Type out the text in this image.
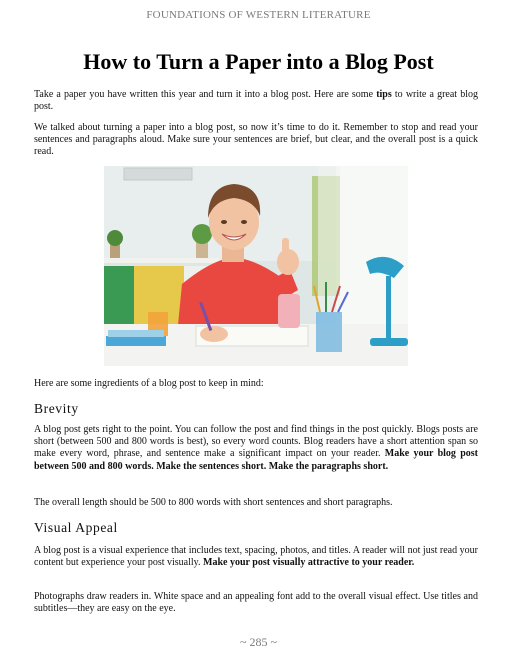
FOUNDATIONS OF WESTERN LITERATURE
How to Turn a Paper into a Blog Post

Take a paper you have written this year and turn it into a blog post. Here are some tips to write a great blog post.

We talked about turning a paper into a blog post, so now it’s time to do it. Remember to stop and read your sentences and paragraphs aloud. Make sure your sentences are brief, but clear, and the overall post is a quick read.

Here are some ingredients of a blog post to keep in mind:

Brevity

A blog post gets right to the point. You can follow the post and find things in the post quickly. Blogs posts are short (between 500 and 800 words is best), so every word counts. Blog readers have a short attention span so make every word, phrase, and sentence make a significant impact on your reader. Make your blog post between 500 and 800 words. Make the sentences short. Make the paragraphs short.

The overall length should be 500 to 800 words with short sentences and short paragraphs.

Visual Appeal

A blog post is a visual experience that includes text, spacing, photos, and titles. A reader will not just read your content but experience your post visually. Make your post visually attractive to your reader.

Photographs draw readers in. White space and an appealing font add to the overall visual effect. Use titles and subtitles—they are easy on the eye.

~ 285 ~
